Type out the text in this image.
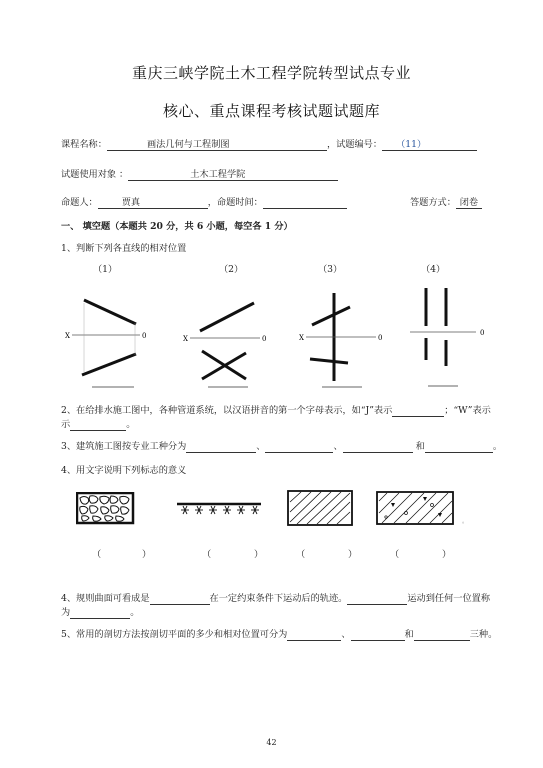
重庆三峡学院土木工程学院转型试点专业
核心、重点课程考核试题试题库
课程名称：	画法几何与工程制图	，试题编号： （11）
试题使用对象 ：	土木工程学院
命题人：	贾真	，命题时间：	答题方式： 闭卷
一、 填空题（本题共 20 分，共 6 小题，每空各 1 分）
1、判断下列各直线的相对位置
（1）	（2）	（3）	（4）
X	0	X	0	X	0
0
2、在给排水施工图中，各种管道系统，以汉语拼音的第一个字母表示，如“J”表示	；“W”表示
示	。
3、建筑施工图按专业工种分为	、	、	和	。
4、用文字说明下列标志的意义
。
（	）	（	）	（	）	（	）
4、规则曲面可看成是	在一定约束条件下运动后的轨迹。	运动到任何一位置称
为	。
5、常用的剖切方法按剖切平面的多少和相对位置可分为	、	和	三种。
42
